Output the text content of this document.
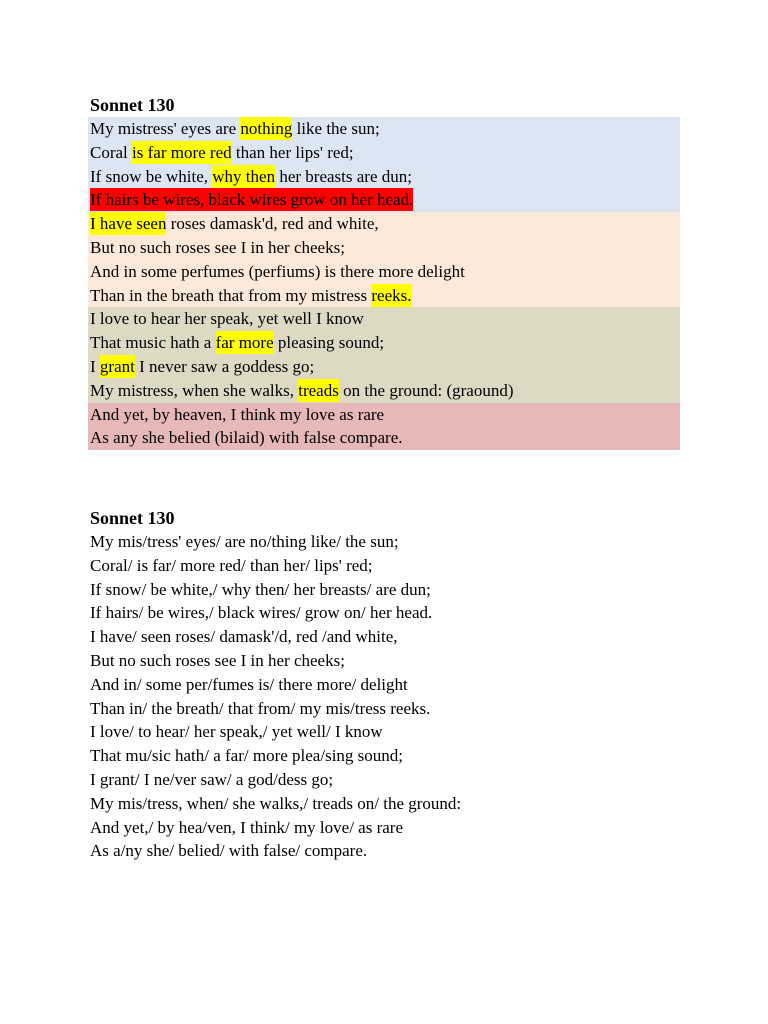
Sonnet 130
My mistress' eyes are nothing like the sun;
Coral is far more red than her lips' red;
If snow be white, why then her breasts are dun;
If hairs be wires, black wires grow on her head.
I have seen roses damask'd, red and white,
But no such roses see I in her cheeks;
And in some perfumes (perfiums) is there more delight
Than in the breath that from my mistress reeks.
I love to hear her speak, yet well I know
That music hath a far more pleasing sound;
I grant I never saw a goddess go;
My mistress, when she walks, treads on the ground: (graound)
And yet, by heaven, I think my love as rare
As any she belied (bilaid) with false compare.
Sonnet 130
My mis/tress' eyes/ are no/thing like/ the sun;
Coral/ is far/ more red/ than her/ lips' red;
If snow/ be white,/ why then/ her breasts/ are dun;
If hairs/ be wires,/ black wires/ grow on/ her head.
I have/ seen roses/ damask'/d, red /and white,
But no such roses see I in her cheeks;
And in/ some per/fumes is/ there more/ delight
Than in/ the breath/ that from/ my mis/tress reeks.
I love/ to hear/ her speak,/ yet well/ I know
That mu/sic hath/ a far/ more plea/sing sound;
I grant/ I ne/ver saw/ a god/dess go;
My mis/tress, when/ she walks,/ treads on/ the ground:
And yet,/ by hea/ven, I think/ my love/ as rare
As a/ny she/ belied/ with false/ compare.
